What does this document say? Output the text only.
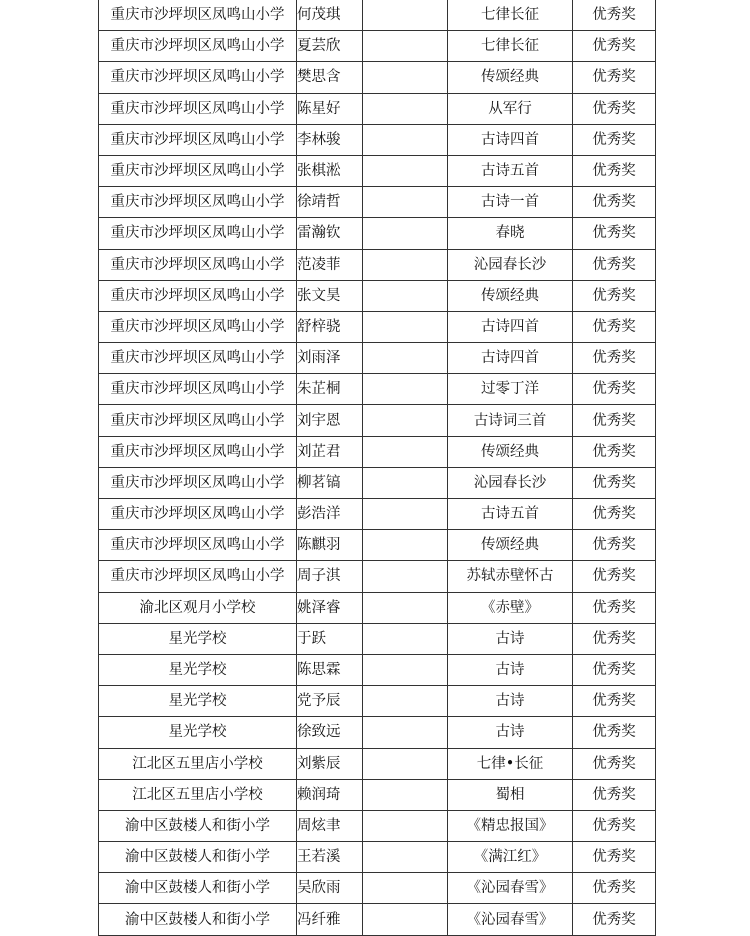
重庆市沙坪坝区凤鸣山小学	何茂琪		七律长征	优秀奖
重庆市沙坪坝区凤鸣山小学	夏芸欣		七律长征	优秀奖
重庆市沙坪坝区凤鸣山小学	樊思含		传颂经典	优秀奖
重庆市沙坪坝区凤鸣山小学	陈星好		从军行	优秀奖
重庆市沙坪坝区凤鸣山小学	李林骏		古诗四首	优秀奖
重庆市沙坪坝区凤鸣山小学	张棋淞		古诗五首	优秀奖
重庆市沙坪坝区凤鸣山小学	徐靖哲		古诗一首	优秀奖
重庆市沙坪坝区凤鸣山小学	雷瀚钦		春晓	优秀奖
重庆市沙坪坝区凤鸣山小学	范凌菲		沁园春长沙	优秀奖
重庆市沙坪坝区凤鸣山小学	张文昊		传颂经典	优秀奖
重庆市沙坪坝区凤鸣山小学	舒梓骁		古诗四首	优秀奖
重庆市沙坪坝区凤鸣山小学	刘雨泽		古诗四首	优秀奖
重庆市沙坪坝区凤鸣山小学	朱芷桐		过零丁洋	优秀奖
重庆市沙坪坝区凤鸣山小学	刘宇恩		古诗词三首	优秀奖
重庆市沙坪坝区凤鸣山小学	刘芷君		传颂经典	优秀奖
重庆市沙坪坝区凤鸣山小学	柳茗镐		沁园春长沙	优秀奖
重庆市沙坪坝区凤鸣山小学	彭浩洋		古诗五首	优秀奖
重庆市沙坪坝区凤鸣山小学	陈麒羽		传颂经典	优秀奖
重庆市沙坪坝区凤鸣山小学	周子淇		苏轼赤壁怀古	优秀奖
渝北区观月小学校	姚泽睿		《赤壁》	优秀奖
星光学校	于跃		古诗	优秀奖
星光学校	陈思霖		古诗	优秀奖
星光学校	党予辰		古诗	优秀奖
星光学校	徐致远		古诗	优秀奖
江北区五里店小学校	刘紫辰		七律•长征	优秀奖
江北区五里店小学校	赖润琦		蜀相	优秀奖
渝中区鼓楼人和街小学	周炫聿		《精忠报国》	优秀奖
渝中区鼓楼人和街小学	王若溪		《满江红》	优秀奖
渝中区鼓楼人和街小学	吴欣雨		《沁园春雪》	优秀奖
渝中区鼓楼人和街小学	冯纤雅		《沁园春雪》	优秀奖
